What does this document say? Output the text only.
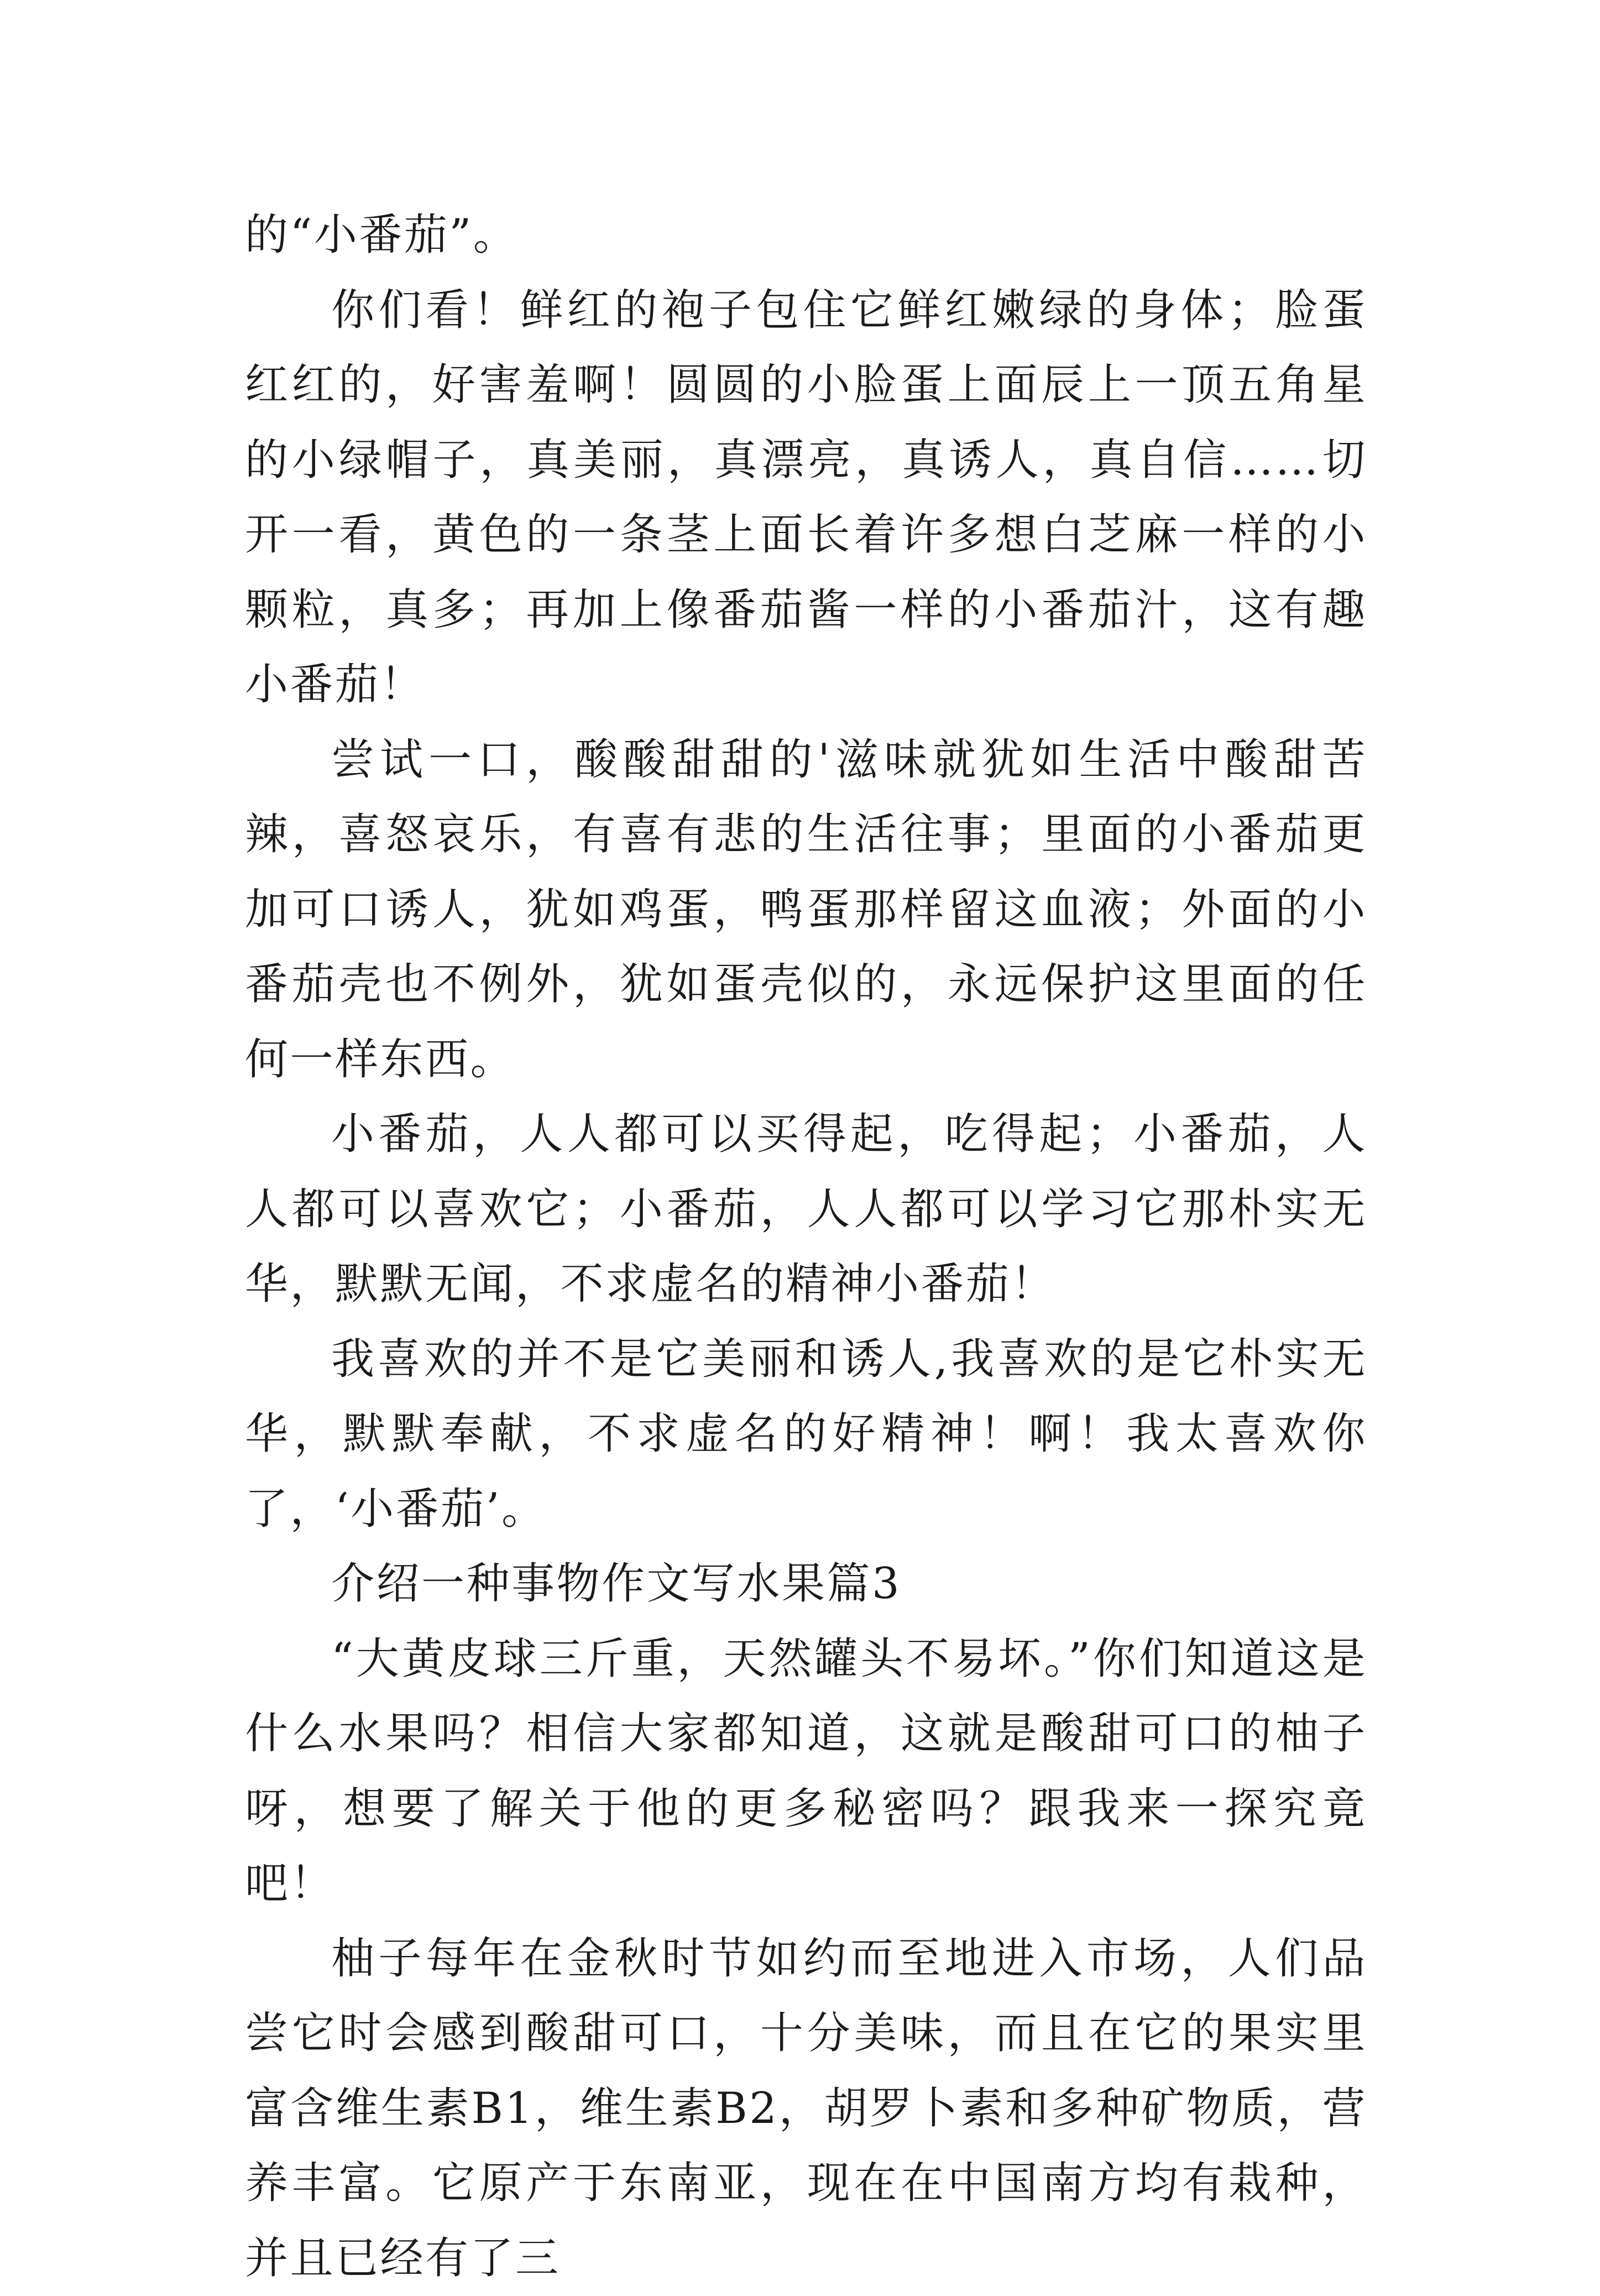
的“小番茄”。

你们看！鲜红的袍子包住它鲜红嫩绿的身体；脸蛋红红的，好害羞啊！圆圆的小脸蛋上面辰上一顶五角星的小绿帽子，真美丽，真漂亮，真诱人，真自信……切开一看，黄色的一条茎上面长着许多想白芝麻一样的小颗粒，真多；再加上像番茄酱一样的小番茄汁，这有趣小番茄！

尝试一口，酸酸甜甜的'滋味就犹如生活中酸甜苦辣，喜怒哀乐，有喜有悲的生活往事；里面的小番茄更加可口诱人，犹如鸡蛋，鸭蛋那样留这血液；外面的小番茄壳也不例外，犹如蛋壳似的，永远保护这里面的任何一样东西。

小番茄，人人都可以买得起，吃得起；小番茄，人人都可以喜欢它；小番茄，人人都可以学习它那朴实无华，默默无闻，不求虚名的精神小番茄！

我喜欢的并不是它美丽和诱人,我喜欢的是它朴实无华，默默奉献，不求虚名的好精神！啊！我太喜欢你了，‘小番茄’。

介绍一种事物作文写水果篇3

“大黄皮球三斤重，天然罐头不易坏。”你们知道这是什么水果吗？相信大家都知道，这就是酸甜可口的柚子呀，想要了解关于他的更多秘密吗？跟我来一探究竟吧！

柚子每年在金秋时节如约而至地进入市场，人们品尝它时会感到酸甜可口，十分美味，而且在它的果实里富含维生素B1，维生素B2，胡罗卜素和多种矿物质，营养丰富。它原产于东南亚，现在在中国南方均有栽种，并且已经有了三
